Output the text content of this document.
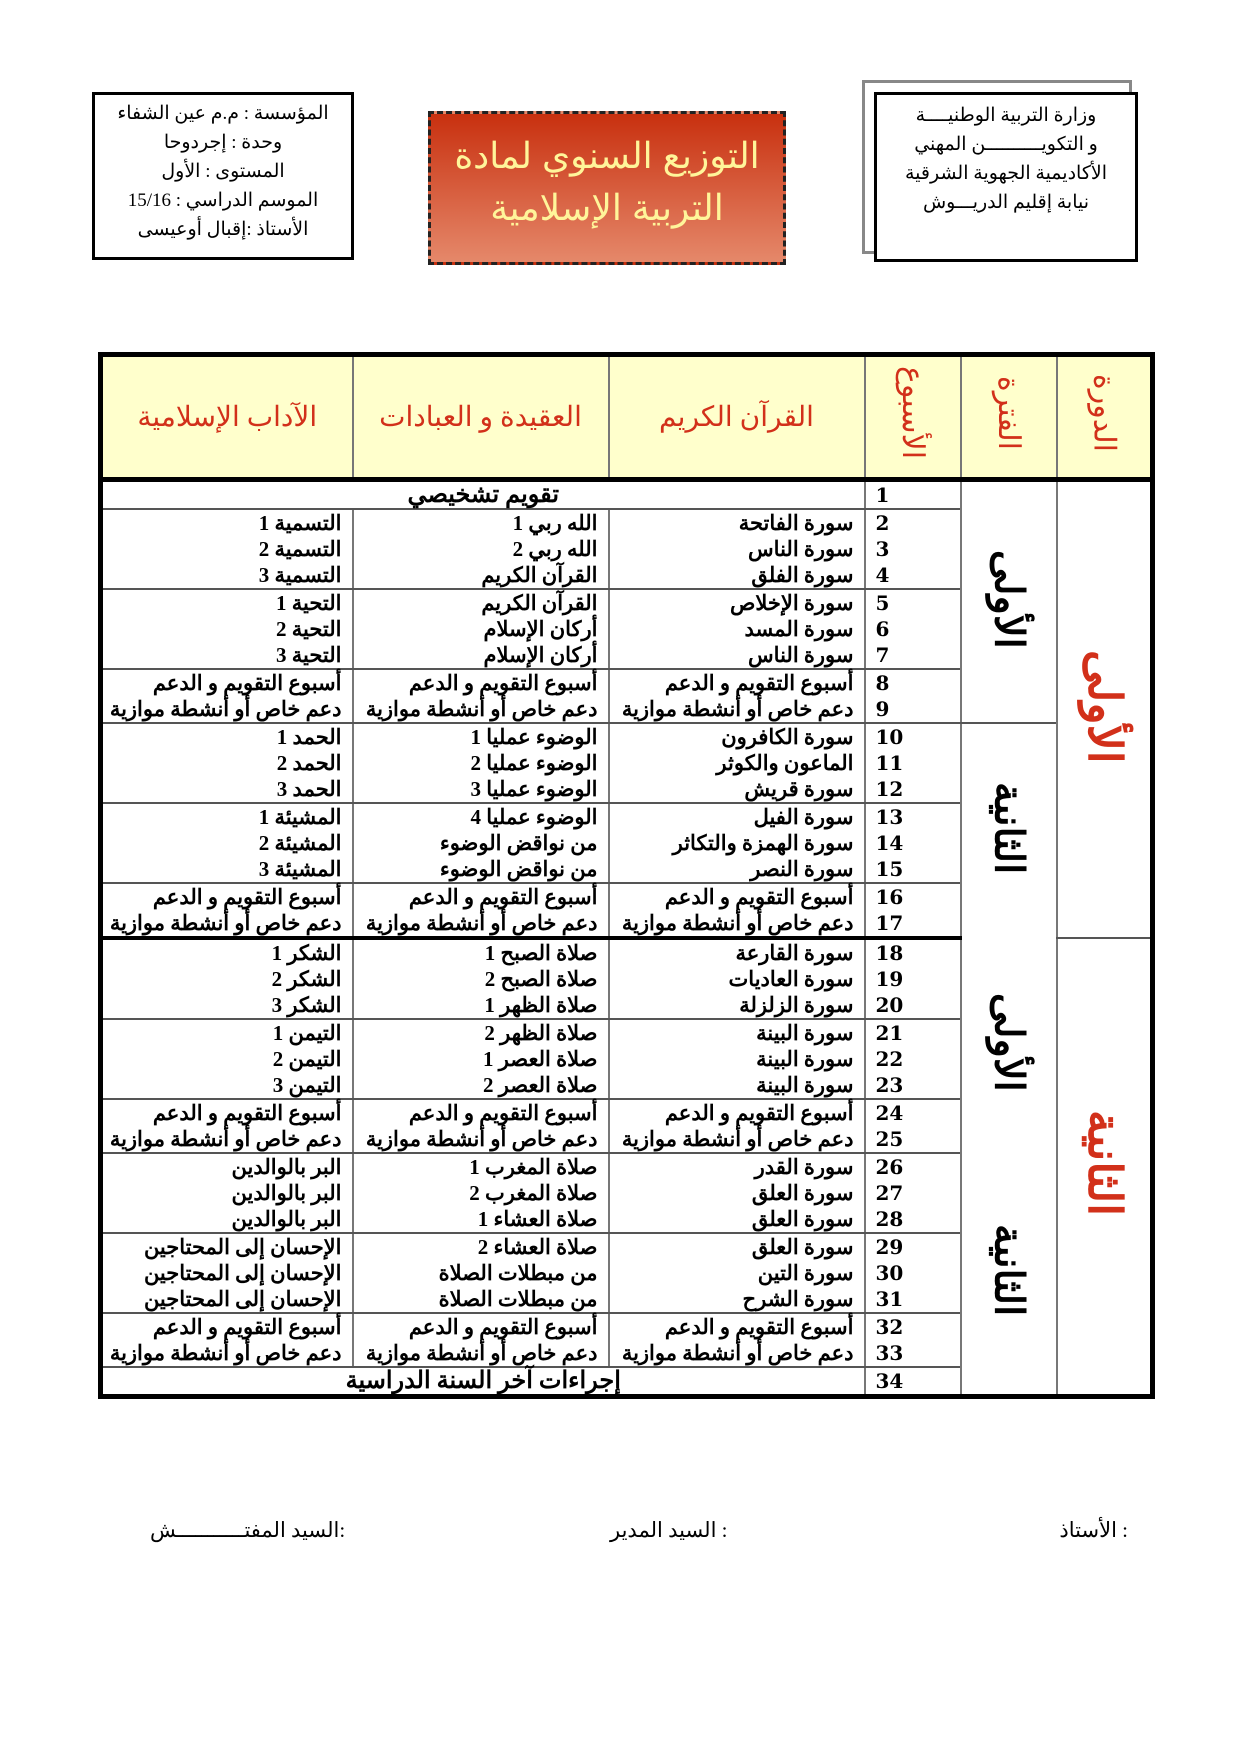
المؤسسة : م.م عين الشفاء
وحدة : إجردوحا
المستوى : الأول
الموسم الدراسي : 15/16
الأستاذ :إقبال أوعيسى
التوزيع السنوي لمادة
التربية الإسلامية
وزارة التربية الوطنيــــة
و التكويــــــــــن المهني
الأكاديمية الجهوية الشرقية
نيابة إقليم الدريـــوش
الدورة	الفترة	الأسبوع	القرآن الكريم	العقيدة و العبادات	الآداب الإسلامية
الأولى	الأولى	1	تقويم تشخيصي		
		2	سورة الفاتحة	الله ربي 1	التسمية 1
		3	سورة الناس	الله ربي 2	التسمية 2
		4	سورة الفلق	القرآن الكريم	التسمية 3
		5	سورة الإخلاص	القرآن الكريم	التحية 1
		6	سورة المسد	أركان الإسلام	التحية 2
		7	سورة الناس	أركان الإسلام	التحية 3
		8	أسبوع التقويم و الدعم	أسبوع التقويم و الدعم	أسبوع التقويم و الدعم
		9	دعم خاص أو أنشطة موازية	دعم خاص أو أنشطة موازية	دعم خاص أو أنشطة موازية
	الثانية	10	سورة الكافرون	الوضوء عمليا 1	الحمد 1
		11	الماعون والكوثر	الوضوء عمليا 2	الحمد 2
		12	سورة قريش	الوضوء عمليا 3	الحمد 3
		13	سورة الفيل	الوضوء عمليا 4	المشيئة 1
		14	سورة الهمزة والتكاثر	من نواقض الوضوء	المشيئة 2
		15	سورة النصر	من نواقض الوضوء	المشيئة 3
		16	أسبوع التقويم و الدعم	أسبوع التقويم و الدعم	أسبوع التقويم و الدعم
		17	دعم خاص أو أنشطة موازية	دعم خاص أو أنشطة موازية	دعم خاص أو أنشطة موازية
الثانية	الأولى	18	سورة القارعة	صلاة الصبح 1	الشكر 1
		19	سورة العاديات	صلاة الصبح 2	الشكر 2
		20	سورة الزلزلة	صلاة الظهر 1	الشكر 3
		21	سورة البينة	صلاة الظهر 2	التيمن 1
		22	سورة البينة	صلاة العصر 1	التيمن 2
		23	سورة البينة	صلاة العصر 2	التيمن 3
		24	أسبوع التقويم و الدعم	أسبوع التقويم و الدعم	أسبوع التقويم و الدعم
		25	دعم خاص أو أنشطة موازية	دعم خاص أو أنشطة موازية	دعم خاص أو أنشطة موازية
	الثانية	26	سورة القدر	صلاة المغرب 1	البر بالوالدين
		27	سورة العلق	صلاة المغرب 2	البر بالوالدين
		28	سورة العلق	صلاة العشاء 1	البر بالوالدين
		29	سورة العلق	صلاة العشاء 2	الإحسان إلى المحتاجين
		30	سورة التين	من مبطلات الصلاة	الإحسان إلى المحتاجين
		31	سورة الشرح	من مبطلات الصلاة	الإحسان إلى المحتاجين
		32	أسبوع التقويم و الدعم	أسبوع التقويم و الدعم	أسبوع التقويم و الدعم
		33	دعم خاص أو أنشطة موازية	دعم خاص أو أنشطة موازية	دعم خاص أو أنشطة موازية
		34	إجراءات آخر السنة الدراسية		
الأستاذ :
السيد المدير :
السيد المفتـــــــــــش:
